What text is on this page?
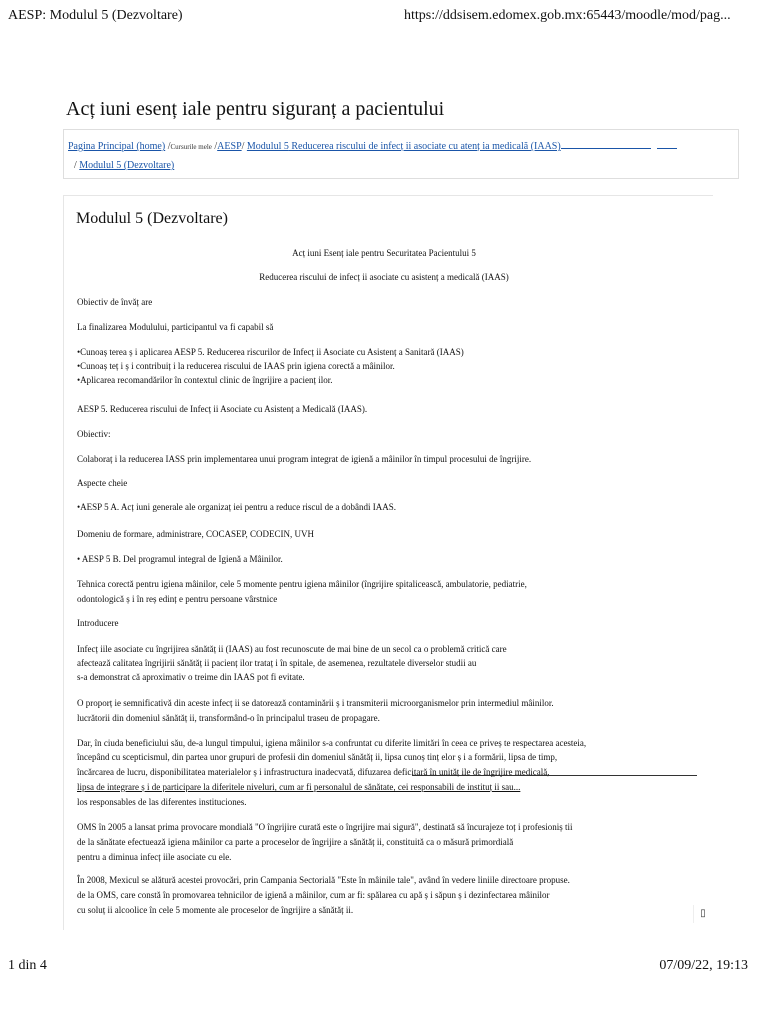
AESP: Modulul 5 (Dezvoltare)	https://ddsisem.edomex.gob.mx:65443/moodle/mod/pag...
Acț iuni esenț iale pentru siguranț a pacientului
Pagina Principal (home) /Cursurile mele /AESP/ Modulul 5 Reducerea riscului de infecț ii asociate cu atenț ia medicală (IAAS)
/ Modulul 5 (Dezvoltare)
Modulul 5 (Dezvoltare)

Acț iuni Esenț iale pentru Securitatea Pacientului 5

Reducerea riscului de infecț ii asociate cu asistenț a medicală (IAAS)

Obiectiv de învăț are

La finalizarea Modulului, participantul va fi capabil să

•Cunoaș terea ș i aplicarea AESP 5. Reducerea riscurilor de Infecț ii Asociate cu Asistenț a Sanitară (IAAS)

•Cunoaș teț i ș i contribuiț i la reducerea riscului de IAAS prin igiena corectă a mâinilor.

•Aplicarea recomandărilor în contextul clinic de îngrijire a pacienț ilor.

AESP 5. Reducerea riscului de Infecț ii Asociate cu Asistenț a Medicală (IAAS).

Obiectiv:

Colaboraț i la reducerea IASS prin implementarea unui program integrat de igienă a mâinilor în timpul procesului de îngrijire.

Aspecte cheie

•AESP 5 A. Acț iuni generale ale organizaț iei pentru a reduce riscul de a dobândi IAAS.

Domeniu de formare, administrare, COCASEP, CODECIN, UVH

• AESP 5 B. Del programul integral de Igienă a Mâinilor.

Tehnica corectă pentru igiena mâinilor, cele 5 momente pentru igiena mâinilor (îngrijire spitalicească, ambulatorie, pediatrie,

odontologică ș i în reș edinț e pentru persoane vârstnice

Introducere

Infecț iile asociate cu îngrijirea sănătăț ii (IAAS) au fost recunoscute de mai bine de un secol ca o problemă critică care

afectează calitatea îngrijirii sănătăț ii pacienț ilor trataț i în spitale, de asemenea, rezultatele diverselor studii au

s-a demonstrat că aproximativ o treime din IAAS pot fi evitate.

O proporț ie semnificativă din aceste infecț ii se datorează contaminării ș i transmiterii microorganismelor prin intermediul mâinilor.

lucrătorii din domeniul sănătăț ii, transformând-o în principalul traseu de propagare.

Dar, în ciuda beneficiului său, de-a lungul timpului, igiena mâinilor s-a confruntat cu diferite limitări în ceea ce priveș te respectarea acesteia,

începând cu scepticismul, din partea unor grupuri de profesii din domeniul sănătăț ii, lipsa cunoș tinț elor ș i a formării, lipsa de timp,

încărcarea de lucru, disponibilitatea materialelor ș i infrastructura inadecvată, difuzarea deficitară în unităț ile de îngrijire medicală,

lipsa de integrare ș i de participare la diferitele niveluri, cum ar fi personalul de sănătate, cei responsabili de instituț ii sau...

los responsables de las diferentes instituciones.

OMS în 2005 a lansat prima provocare mondială "O îngrijire curată este o îngrijire mai sigură", destinată să încurajeze toț i profesioniș tii

de la sănătate efectuează igiena mâinilor ca parte a proceselor de îngrijire a sănătăț ii, constituită ca o măsură primordială

pentru a diminua infecț iile asociate cu ele.

În 2008, Mexicul se alătură acestei provocări, prin Campania Sectorială "Este în mâinile tale", având în vedere liniile directoare propuse.

de la OMS, care constă în promovarea tehnicilor de igienă a mâinilor, cum ar fi: spălarea cu apă ș i săpun ș i dezinfectarea mâinilor

cu soluț ii alcoolice în cele 5 momente ale proceselor de îngrijire a sănătăț ii.	▯
1 din 4	07/09/22, 19:13
